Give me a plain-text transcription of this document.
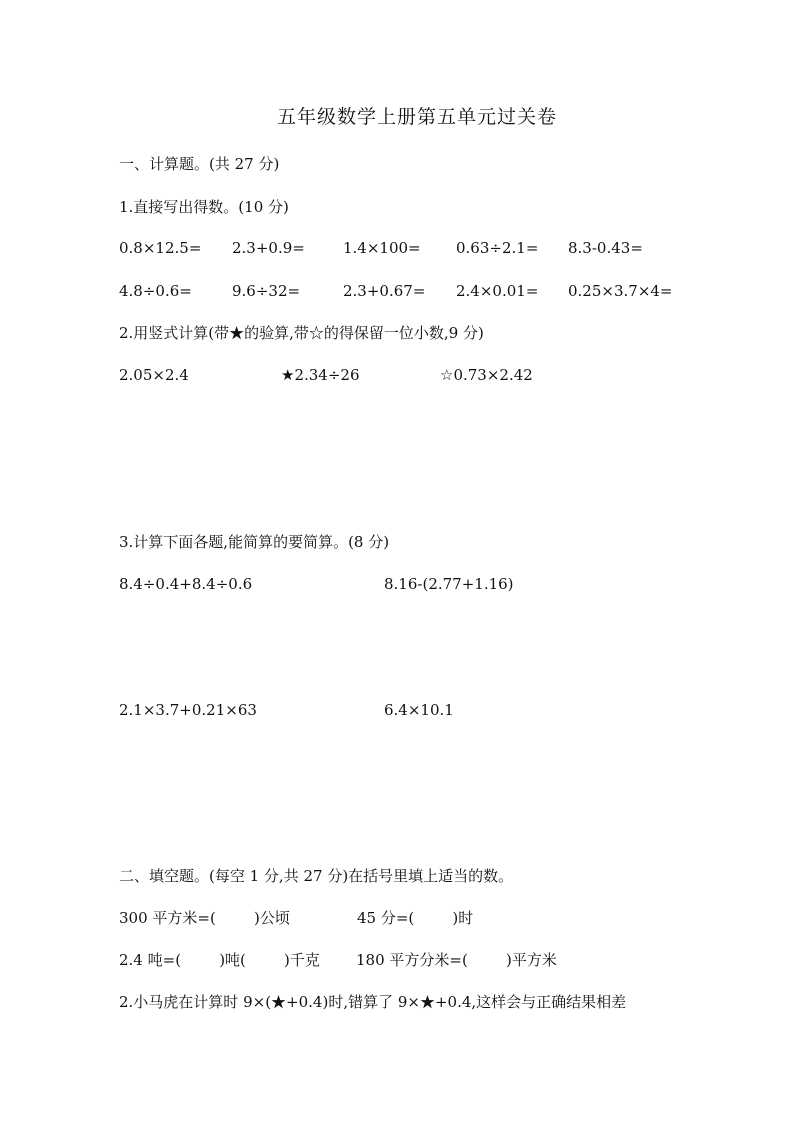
五年级数学上册第五单元过关卷
一、计算题。(共 27 分)
1.直接写出得数。(10 分)
0.8×12.5= 2.3+0.9=	1.4×100= 0.63÷2.1= 8.3-0.43=
4.8÷0.6=	9.6÷32=	2.3+0.67= 2.4×0.01= 0.25×3.7×4=
2.用竖式计算(带★的验算,带☆的得保留一位小数,9 分)
2.05×2.4	★2.34÷26	☆0.73×2.42
3.计算下面各题,能简算的要简算。(8 分)
8.4÷0.4+8.4÷0.6	8.16-(2.77+1.16)
2.1×3.7+0.21×63	6.4×10.1
二、填空题。(每空 1 分,共 27 分)在括号里填上适当的数。
300 平方米=(        )公顷	45 分=(        )时
2.4 吨=(        )吨(        )千克 180 平方分米=(        )平方米
2.小马虎在计算时 9×(★+0.4)时,错算了 9×★+0.4,这样会与正确结果相差
